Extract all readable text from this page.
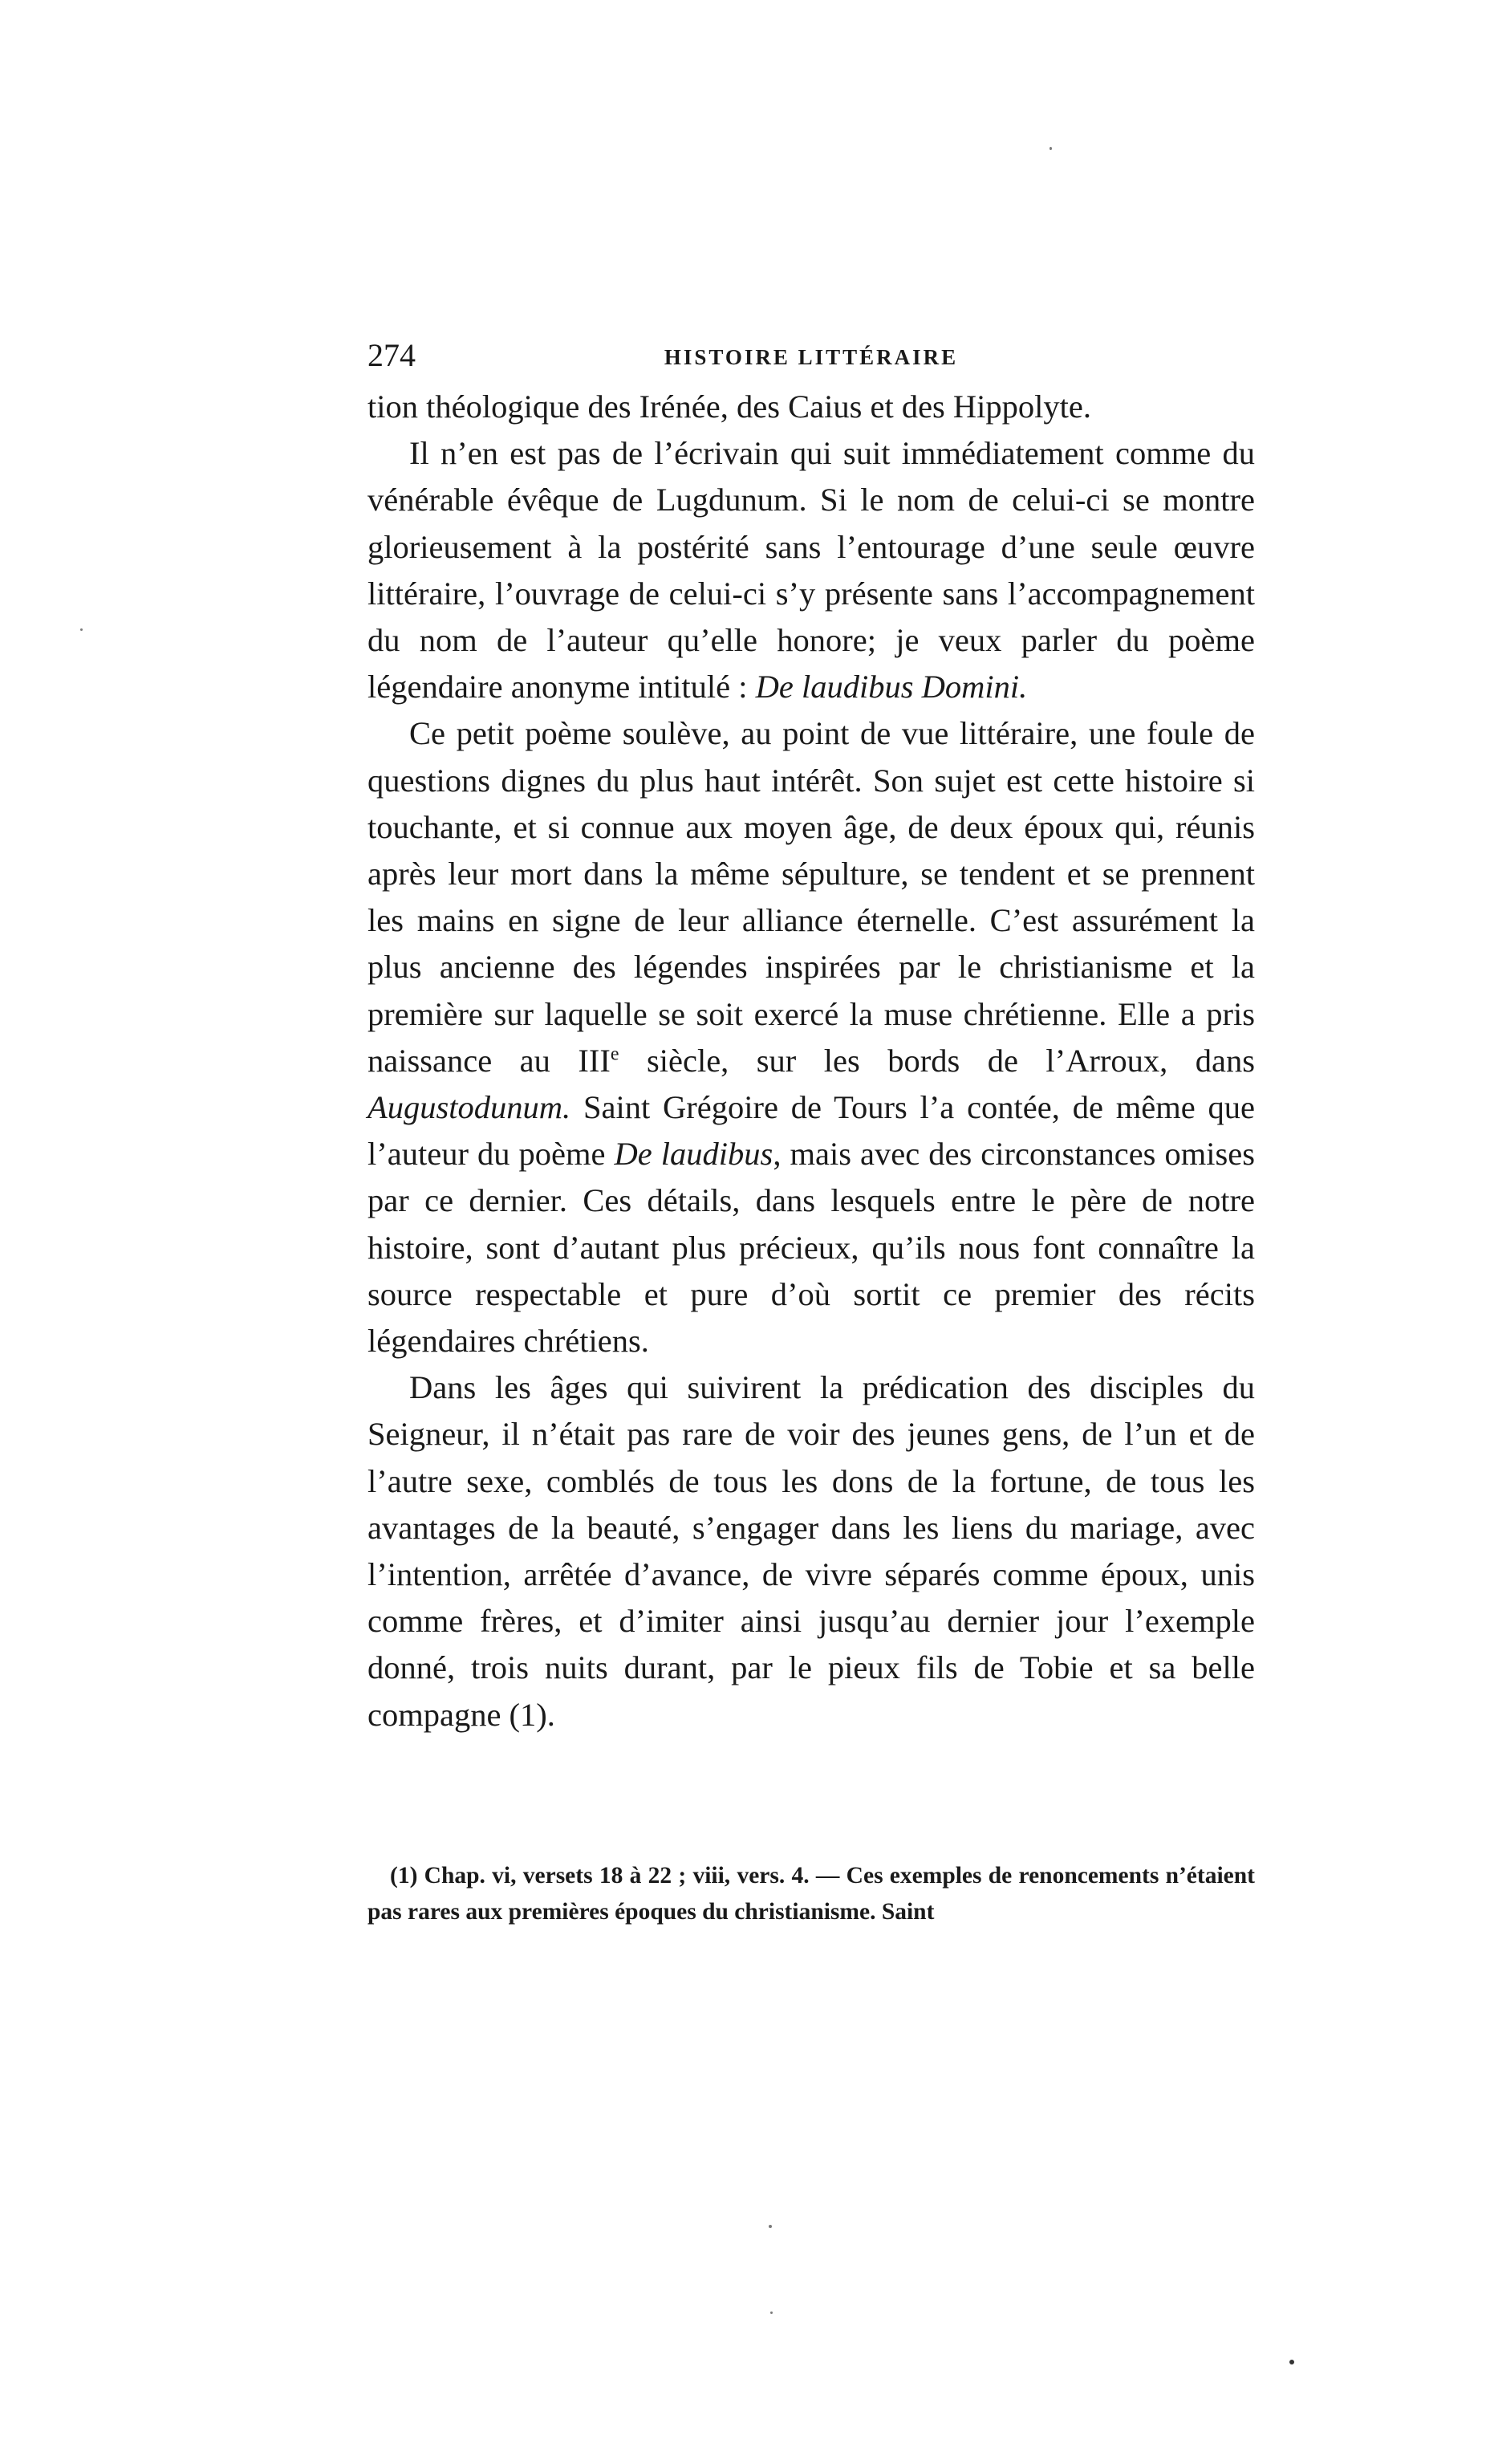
274	HISTOIRE LITTÉRAIRE

tion théologique des Irénée, des Caius et des Hippolyte.

Il n’en est pas de l’écrivain qui suit immédiatement comme du vénérable évêque de Lugdunum. Si le nom de celui-ci se montre glorieusement à la postérité sans l’entourage d’une seule œuvre littéraire, l’ouvrage de celui-ci s’y présente sans l’accompagnement du nom de l’auteur qu’elle honore; je veux parler du poème légendaire anonyme intitulé : De laudibus Domini.

Ce petit poème soulève, au point de vue littéraire, une foule de questions dignes du plus haut intérêt. Son sujet est cette histoire si touchante, et si connue aux moyen âge, de deux époux qui, réunis après leur mort dans la même sépulture, se tendent et se prennent les mains en signe de leur alliance éternelle. C’est assurément la plus ancienne des légendes inspirées par le christianisme et la première sur laquelle se soit exercé la muse chrétienne. Elle a pris naissance au IIIe siècle, sur les bords de l’Arroux, dans Augustodunum. Saint Grégoire de Tours l’a contée, de même que l’auteur du poème De laudibus, mais avec des circonstances omises par ce dernier. Ces détails, dans lesquels entre le père de notre histoire, sont d’autant plus précieux, qu’ils nous font connaître la source respectable et pure d’où sortit ce premier des récits légendaires chrétiens.

Dans les âges qui suivirent la prédication des disciples du Seigneur, il n’était pas rare de voir des jeunes gens, de l’un et de l’autre sexe, comblés de tous les dons de la fortune, de tous les avantages de la beauté, s’engager dans les liens du mariage, avec l’intention, arrêtée d’avance, de vivre séparés comme époux, unis comme frères, et d’imiter ainsi jusqu’au dernier jour l’exemple donné, trois nuits durant, par le pieux fils de Tobie et sa belle compagne (1).

(1) Chap. vi, versets 18 à 22 ; viii, vers. 4. — Ces exemples de renoncements n’étaient pas rares aux premières époques du christianisme. Saint
